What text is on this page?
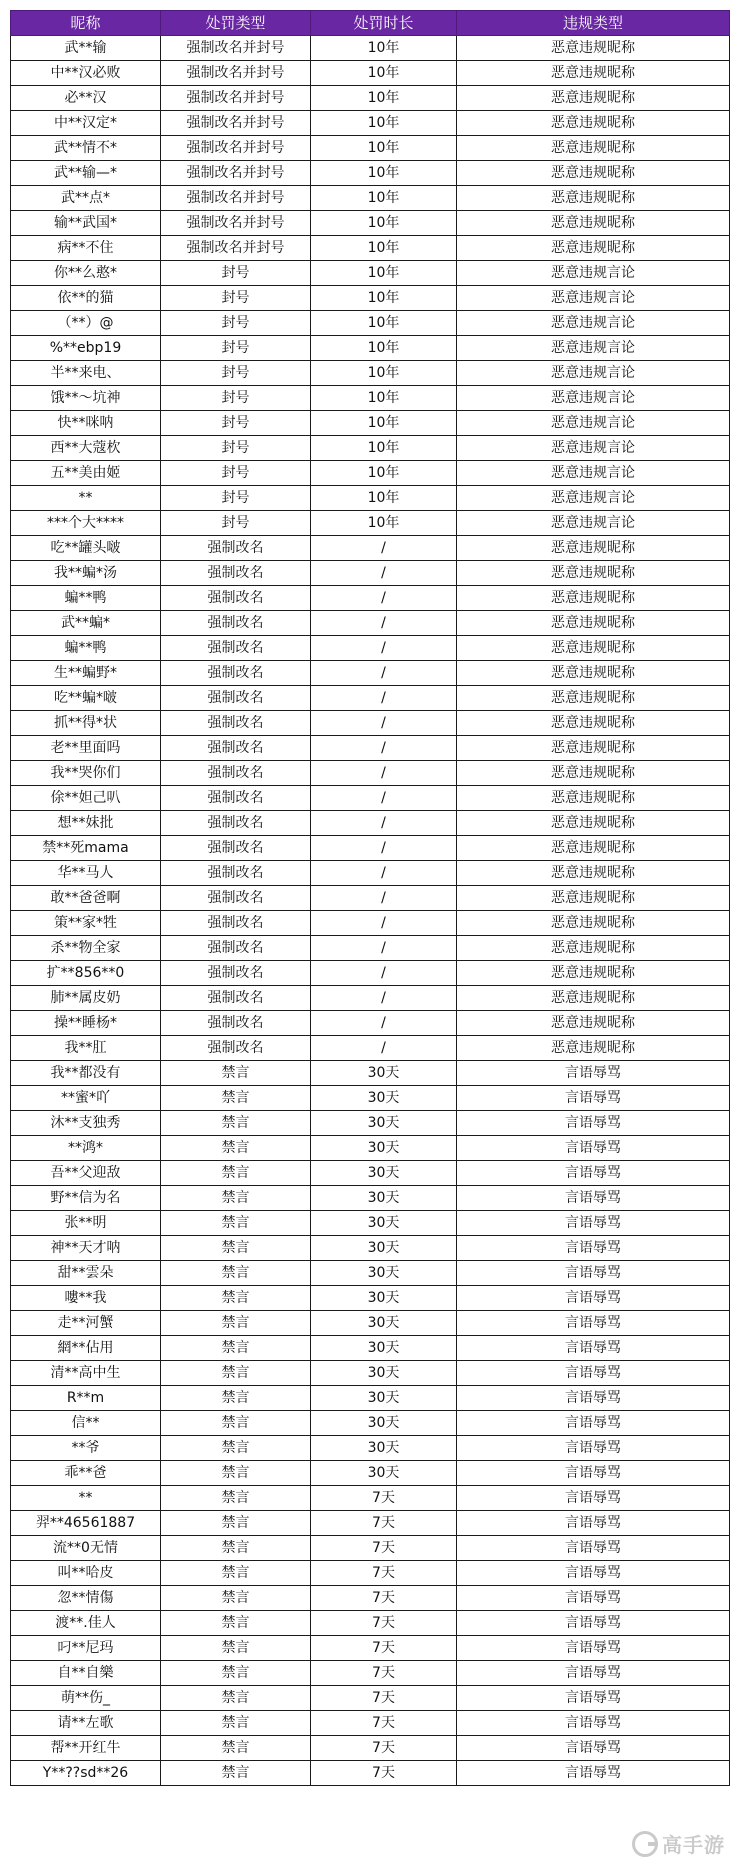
昵称	处罚类型	处罚时长	违规类型
武**输	强制改名并封号	10年	恶意违规昵称
中**汉必败	强制改名并封号	10年	恶意违规昵称
必**汉	强制改名并封号	10年	恶意违规昵称
中**汉定*	强制改名并封号	10年	恶意违规昵称
武**情不*	强制改名并封号	10年	恶意违规昵称
武**输—*	强制改名并封号	10年	恶意违规昵称
武**点*	强制改名并封号	10年	恶意违规昵称
输**武国*	强制改名并封号	10年	恶意违规昵称
病**不住	强制改名并封号	10年	恶意违规昵称
你**么憨*	封号	10年	恶意违规言论
依**的猫	封号	10年	恶意违规言论
（**）@	封号	10年	恶意违规言论
%**ebp19	封号	10年	恶意违规言论
半**来电、	封号	10年	恶意违规言论
饿**～坑神	封号	10年	恶意违规言论
快**咪呐	封号	10年	恶意违规言论
西**大蔻杴	封号	10年	恶意违规言论
五**美由姬	封号	10年	恶意违规言论
**	封号	10年	恶意违规言论
***个大****	封号	10年	恶意违规言论
吃**罐头啵	强制改名	/	恶意违规昵称
我**蝙*汤	强制改名	/	恶意违规昵称
蝙**鸭	强制改名	/	恶意违规昵称
武**蝙*	强制改名	/	恶意违规昵称
蝙**鸭	强制改名	/	恶意违规昵称
生**蝙野*	强制改名	/	恶意违规昵称
吃**蝙*啵	强制改名	/	恶意违规昵称
抓**得*状	强制改名	/	恶意违规昵称
老**里面吗	强制改名	/	恶意违规昵称
我**哭你们	强制改名	/	恶意违规昵称
俆**妲己叭	强制改名	/	恶意违规昵称
想**妹批	强制改名	/	恶意违规昵称
禁**死mama	强制改名	/	恶意违规昵称
华**马人	强制改名	/	恶意违规昵称
敢**爸爸啊	强制改名	/	恶意违规昵称
策**家*牲	强制改名	/	恶意违规昵称
杀**物全家	强制改名	/	恶意违规昵称
扩**856**0	强制改名	/	恶意违规昵称
肺**属皮奶	强制改名	/	恶意违规昵称
操**睡杨*	强制改名	/	恶意违规昵称
我**肛	强制改名	/	恶意违规昵称
我**都没有	禁言	30天	言语辱骂
**蜜*吖	禁言	30天	言语辱骂
沐**支独秀	禁言	30天	言语辱骂
**鸿*	禁言	30天	言语辱骂
吾**父迎敌	禁言	30天	言语辱骂
野**信为名	禁言	30天	言语辱骂
张**明	禁言	30天	言语辱骂
神**天才呐	禁言	30天	言语辱骂
甜**雲朵	禁言	30天	言语辱骂
嘍**我	禁言	30天	言语辱骂
走**河蟹	禁言	30天	言语辱骂
網**佔用	禁言	30天	言语辱骂
清**高中生	禁言	30天	言语辱骂
R**m	禁言	30天	言语辱骂
信**	禁言	30天	言语辱骂
**爷	禁言	30天	言语辱骂
乖**爸	禁言	30天	言语辱骂
**	禁言	7天	言语辱骂
羿**46561887	禁言	7天	言语辱骂
流**0无情	禁言	7天	言语辱骂
叫**哈皮	禁言	7天	言语辱骂
忽**情傷	禁言	7天	言语辱骂
渡**.佳人	禁言	7天	言语辱骂
叼**尼玛	禁言	7天	言语辱骂
自**自樂	禁言	7天	言语辱骂
萌**伤_	禁言	7天	言语辱骂
请**左歌	禁言	7天	言语辱骂
帮**开红牛	禁言	7天	言语辱骂
Y**??sd**26	禁言	7天	言语辱骂
高手游
